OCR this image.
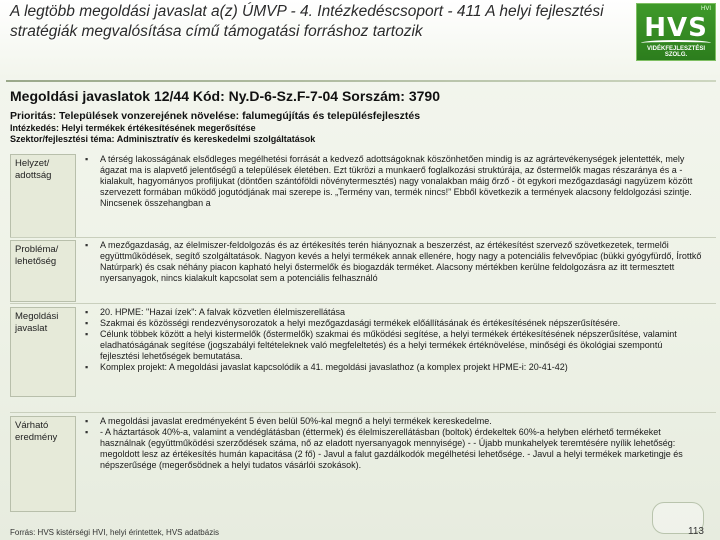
A legtöbb megoldási javaslat a(z) ÚMVP - 4. Intézkedéscsoport - 411 A helyi fejlesztési stratégiák megvalósítása című támogatási forráshoz tartozik
HVI
HVS
VIDÉKFEJLESZTÉSI SZOLG.
Megoldási javaslatok 12/44 Kód: Ny.D-6-Sz.F-7-04 Sorszám: 3790
Prioritás: Települések vonzerejének növelése: falumegújítás és településfejlesztés
Intézkedés: Helyi termékek értékesítésének megerősítése
Szektor/fejlesztési téma: Adminisztratív és kereskedelmi szolgáltatások
Helyzet/ adottság
▪ A térség lakosságának elsődleges megélhetési forrását a kedvező adottságoknak köszönhetően mindig is az agrártevékenységek jelentették, mely ágazat ma is alapvető jelentőségű a települések életében. Ezt tükrözi a munkaerő foglalkozási struktúrája, az őstermelők magas részaránya és a - kialakult, hagyományos profiljukat (döntően szántóföldi növénytermesztés) nagy vonalakban máig őrző - öt egykori mezőgazdasági nagyüzem között szervezett formában működő jogutódjának mai szerepe is. „Termény van, termék nincs!” Ebből következik a termények alacsony feldolgozási szintje. Nincsenek összehangban a
Probléma/ lehetőség
▪ A mezőgazdaság, az élelmiszer-feldolgozás és az értékesítés terén hiányoznak a beszerzést, az értékesítést szervező szövetkezetek, termelői együttműködések, segítő szolgáltatások. Nagyon kevés a helyi termékek annak ellenére, hogy nagy a potenciális felvevőpiac (bükki gyógyfürdő, Írottkő Natúrpark) és csak néhány piacon kapható helyi őstermelők és biogazdák terméket. Alacsony mértékben kerülne feldolgozásra az itt termesztett nyersanyagok, nincs kialakult kapcsolat sem a potenciális felhasználó
Megoldási javaslat
▪ 20. HPME: "Hazai ízek": A falvak közvetlen élelmiszerellátása
▪ Szakmai és közösségi rendezvénysorozatok a helyi mezőgazdasági termékek előállításának és értékesítésének népszerűsítésére.
▪ Célunk többek között a helyi kistermelők (őstermelők) szakmai és működési segítése, a helyi termékek értékesítésének népszerűsítése, valamint eladhatóságának segítése (jogszabályi feltételeknek való megfeleltetés) és a helyi termékek értéknövelése, minőségi és ökológiai szempontú fejlesztési lehetőségek bemutatása.
▪ Komplex projekt: A megoldási javaslat kapcsolódik a 41. megoldási javaslathoz (a komplex projekt HPME-i: 20-41-42)
Várható eredmény
▪ A megoldási javaslat eredményeként 5 éven belül 50%-kal megnő a helyi termékek kereskedelme.
▪ - A háztartások 40%-a, valamint a vendéglátásban (éttermek) és élelmiszerellátásban (boltok) érdekeltek 60%-a helyben elérhető termékeket használnak (együttműködési szerződések száma, nő az eladott nyersanyagok mennyisége) - - Újabb munkahelyek teremtésére nyílik lehetőség: megoldott lesz az értékesítés humán kapacitása (2 fő) - Javul a falut gazdálkodók megélhetési lehetősége. - Javul a helyi termékek marketingje és népszerűsége (megerősödnek a helyi tudatos vásárlói szokások).
Forrás: HVS kistérségi HVI, helyi érintettek, HVS adatbázis	113
